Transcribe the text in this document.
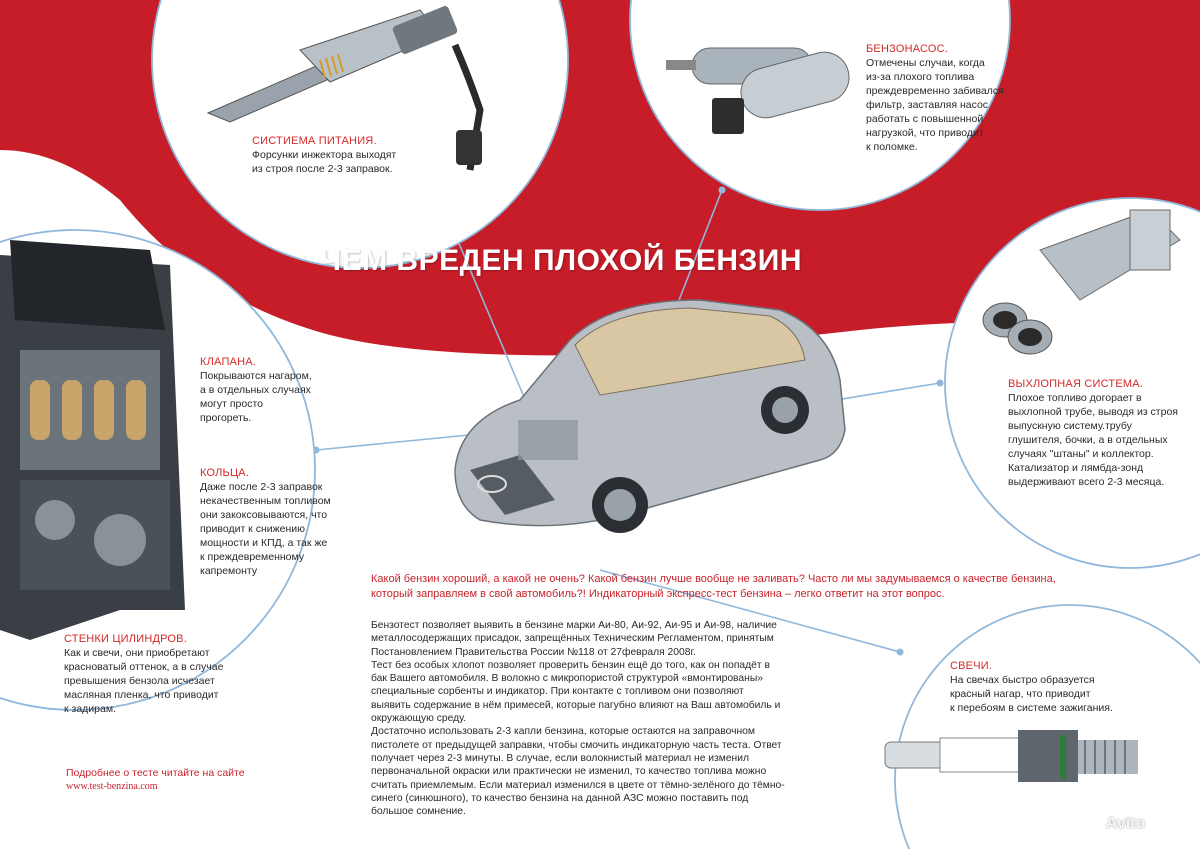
ЧЕМ ВРЕДЕН ПЛОХОЙ БЕНЗИН
СИСТИЕМА ПИТАНИЯ.
Форсунки инжектора выходят
из строя после 2-3 заправок.
БЕНЗОНАСОС.
Отмечены случаи, когда
из-за плохого топлива
преждевременно забивался
фильтр, заставляя насос
работать с повышенной
нагрузкой, что приводит
к поломке.
КЛАПАНА.
Покрываются нагаром,
а в отдельных случаях
могут просто
прогореть.
КОЛЬЦА.
Даже после 2-3 заправок
некачественным топливом
они закоксовываются, что
приводит к снижению
мощности и КПД, а так же
к преждевременному
капремонту
СТЕНКИ ЦИЛИНДРОВ.
Как и свечи, они приобретают
красноватый оттенок, а в случае
превышения бензола исчезает
масляная пленка, что приводит
к задирам.
ВЫХЛОПНАЯ СИСТЕМА.
Плохое топливо догорает в
выхлопной трубе, выводя из строя
выпускную систему.трубу
глушителя, бочки, а в отдельных
случаях "штаны" и коллектор.
Катализатор и лямбда-зонд
выдерживают всего 2-3 месяца.
СВЕЧИ.
На свечах быстро образуется
красный нагар, что приводит
к перебоям в системе зажигания.
Какой бензин хороший, а какой не очень? Какой бензин лучше вообще не заливать? Часто ли мы задумываемся о качестве бензина,
который заправляем в свой автомобиль?! Индикаторный экспресс-тест бензина – легко ответит на этот вопрос.
Бензотест позволяет выявить в бензине марки Аи-80, Аи-92, Аи-95 и Аи-98, наличие
металлосодержащих присадок, запрещённых Техническим Регламентом, принятым
Постановлением Правительства России №118 от 27февраля 2008г.
Тест без особых хлопот позволяет проверить бензин ещё до того, как он попадёт в
бак Вашего автомобиля. В волокно с микропористой структурой «вмонтированы»
специальные сорбенты и индикатор. При контакте с топливом они позволяют
выявить содержание в нём примесей, которые пагубно влияют на Ваш автомобиль и
окружающую среду.
Достаточно использовать 2-3 капли бензина, которые остаются на заправочном
пистолете от предыдущей заправки, чтобы смочить индикаторную часть теста. Ответ
получает через 2-3 минуты. В случае, если волокнистый материал не изменил
первоначальной окраски или практически не изменил, то качество топлива можно
считать приемлемым. Если материал изменился в цвете от тёмно-зелёного до тёмно-
синего (синюшного), то качество бензина на данной АЗС можно поставить под
большое сомнение.
Подробнее о тесте читайте на сайте
www.test-benzina.com
Avito
